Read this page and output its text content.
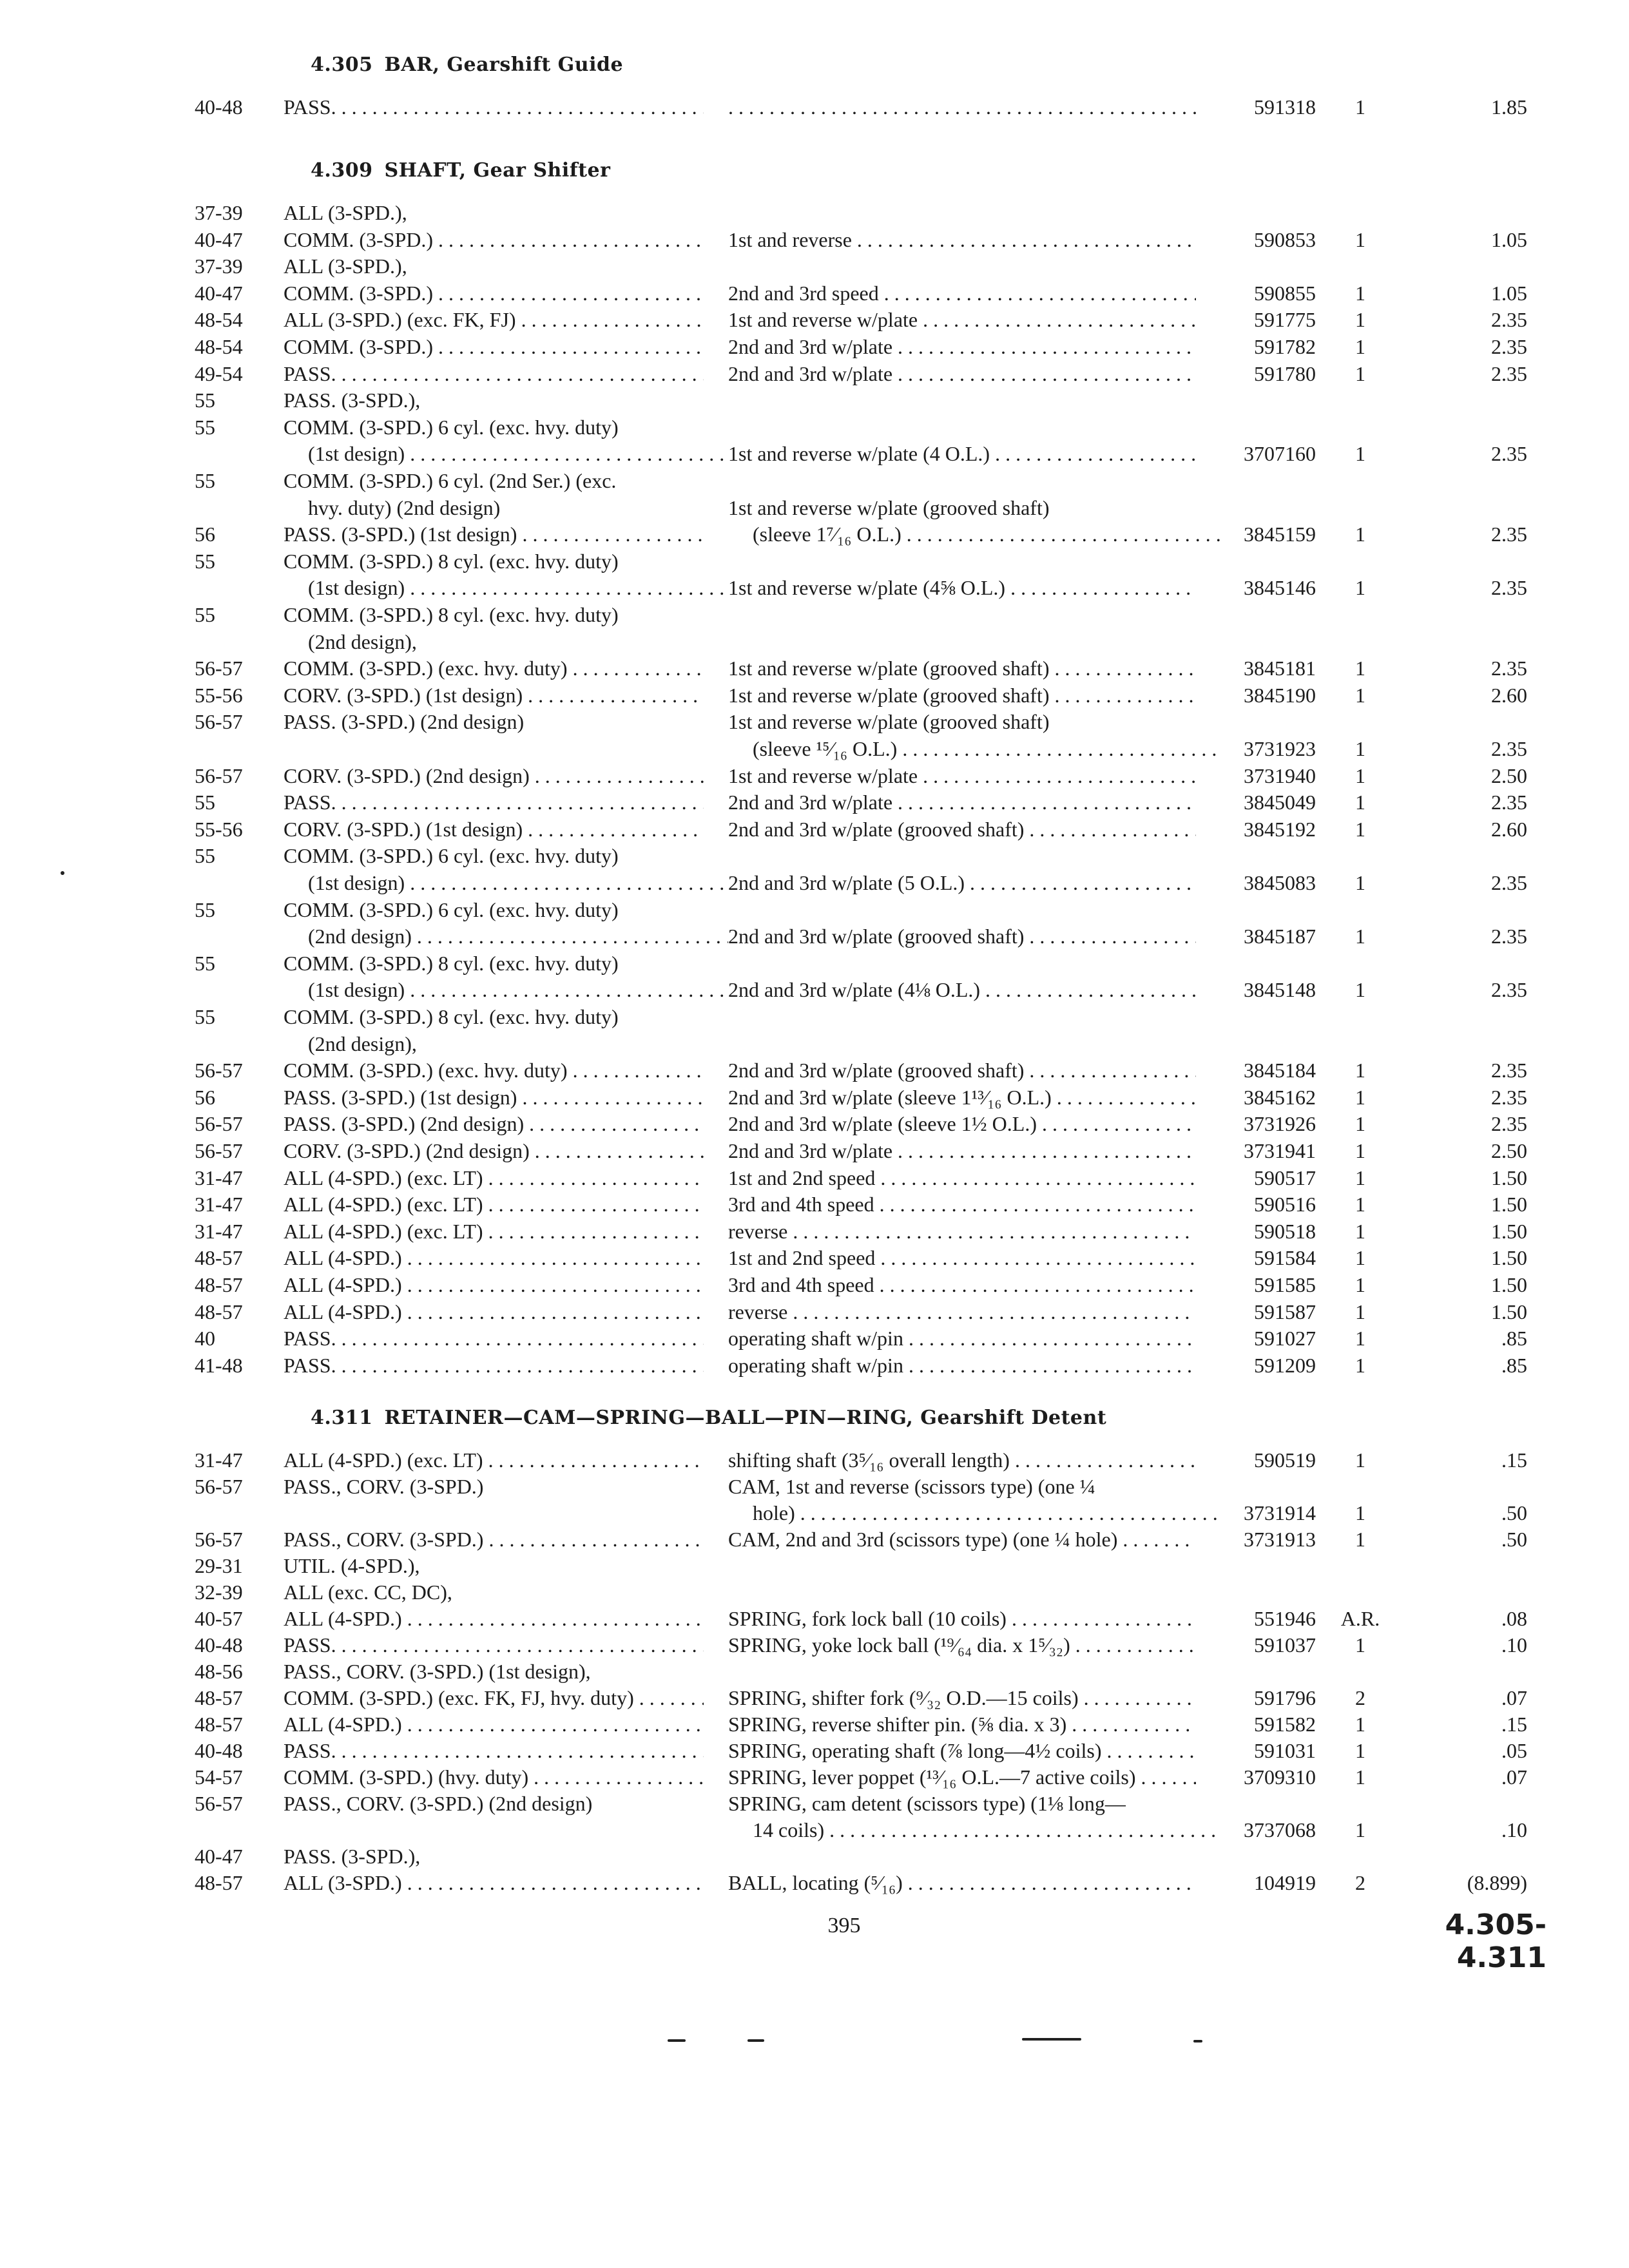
4.305 BAR, Gearshift Guide
40-48	PASS. . . .
. . .	591318	1	1.85
4.309 SHAFT, Gear Shifter
37-39	ALL (3-SPD.),
40-47	COMM. (3-SPD.) . . .	1st and reverse . . .	590853	1	1.05
37-39	ALL (3-SPD.),
40-47	COMM. (3-SPD.) . . .	2nd and 3rd speed . . .	590855	1	1.05
48-54	ALL (3-SPD.) (exc. FK, FJ) . . .	1st and reverse w/plate . . .	591775	1	2.35
48-54	COMM. (3-SPD.) . . .	2nd and 3rd w/plate . . .	591782	1	2.35
49-54	PASS. . . .	2nd and 3rd w/plate . . .	591780	1	2.35
55	PASS. (3-SPD.),
55	COMM. (3-SPD.) 6 cyl. (exc. hvy. duty)
(1st design) . . .	1st and reverse w/plate (4 O.L.) . . .	3707160	1	2.35
55	COMM. (3-SPD.) 6 cyl. (2nd Ser.) (exc.
hvy. duty) (2nd design)	1st and reverse w/plate (grooved shaft)
56	PASS. (3-SPD.) (1st design) . . .	(sleeve 1⁷⁄₁₆ O.L.) . . .	3845159	1	2.35
55	COMM. (3-SPD.) 8 cyl. (exc. hvy. duty)
(1st design) . . .	1st and reverse w/plate (4⅝ O.L.) . . .	3845146	1	2.35
55	COMM. (3-SPD.) 8 cyl. (exc. hvy. duty)
(2nd design),
56-57	COMM. (3-SPD.) (exc. hvy. duty) . . .	1st and reverse w/plate (grooved shaft) . . .	3845181	1	2.35
55-56	CORV. (3-SPD.) (1st design) . . .	1st and reverse w/plate (grooved shaft) . . .	3845190	1	2.60
56-57	PASS. (3-SPD.) (2nd design)	1st and reverse w/plate (grooved shaft)
(sleeve ¹⁵⁄₁₆ O.L.) . . .	3731923	1	2.35
56-57	CORV. (3-SPD.) (2nd design) . . .	1st and reverse w/plate . . .	3731940	1	2.50
55	PASS. . . .	2nd and 3rd w/plate . . .	3845049	1	2.35
55-56	CORV. (3-SPD.) (1st design) . . .	2nd and 3rd w/plate (grooved shaft) . . .	3845192	1	2.60
55	COMM. (3-SPD.) 6 cyl. (exc. hvy. duty)
(1st design) . . .	2nd and 3rd w/plate (5 O.L.) . . .	3845083	1	2.35
55	COMM. (3-SPD.) 6 cyl. (exc. hvy. duty)
(2nd design) . . .	2nd and 3rd w/plate (grooved shaft) . . .	3845187	1	2.35
55	COMM. (3-SPD.) 8 cyl. (exc. hvy. duty)
(1st design) . . .	2nd and 3rd w/plate (4⅛ O.L.) . . .	3845148	1	2.35
55	COMM. (3-SPD.) 8 cyl. (exc. hvy. duty)
(2nd design),
56-57	COMM. (3-SPD.) (exc. hvy. duty) . . .	2nd and 3rd w/plate (grooved shaft) . . .	3845184	1	2.35
56	PASS. (3-SPD.) (1st design) . . .	2nd and 3rd w/plate (sleeve 1¹³⁄₁₆ O.L.) . . .	3845162	1	2.35
56-57	PASS. (3-SPD.) (2nd design) . . .	2nd and 3rd w/plate (sleeve 1½ O.L.) . . .	3731926	1	2.35
56-57	CORV. (3-SPD.) (2nd design) . . .	2nd and 3rd w/plate . . .	3731941	1	2.50
31-47	ALL (4-SPD.) (exc. LT) . . .	1st and 2nd speed . . .	590517	1	1.50
31-47	ALL (4-SPD.) (exc. LT) . . .	3rd and 4th speed . . .	590516	1	1.50
31-47	ALL (4-SPD.) (exc. LT) . . .	reverse . . .	590518	1	1.50
48-57	ALL (4-SPD.) . . .	1st and 2nd speed . . .	591584	1	1.50
48-57	ALL (4-SPD.) . . .	3rd and 4th speed . . .	591585	1	1.50
48-57	ALL (4-SPD.) . . .	reverse . . .	591587	1	1.50
40	PASS. . . .	operating shaft w/pin . . .	591027	1	.85
41-48	PASS. . . .	operating shaft w/pin . . .	591209	1	.85
4.311 RETAINER—CAM—SPRING—BALL—PIN—RING, Gearshift Detent
31-47	ALL (4-SPD.) (exc. LT) . . .	shifting shaft (3⁵⁄₁₆ overall length) . . .	590519	1	.15
56-57	PASS., CORV. (3-SPD.)	CAM, 1st and reverse (scissors type) (one ¼
hole) . . .	3731914	1	.50
56-57	PASS., CORV. (3-SPD.) . . .	CAM, 2nd and 3rd (scissors type) (one ¼ hole) . . .	3731913	1	.50
29-31	UTIL. (4-SPD.),
32-39	ALL (exc. CC, DC),
40-57	ALL (4-SPD.) . . .	SPRING, fork lock ball (10 coils) . . .	551946	A.R.	.08
40-48	PASS. . . .	SPRING, yoke lock ball (¹⁹⁄₆₄ dia. x 1⁵⁄₃₂) . . .	591037	1	.10
48-56	PASS., CORV. (3-SPD.) (1st design),
48-57	COMM. (3-SPD.) (exc. FK, FJ, hvy. duty) . . .	SPRING, shifter fork (⁹⁄₃₂ O.D.—15 coils) . . .	591796	2	.07
48-57	ALL (4-SPD.) . . .	SPRING, reverse shifter pin. (⅝ dia. x 3) . . .	591582	1	.15
40-48	PASS. . . .	SPRING, operating shaft (⅞ long—4½ coils) . . .	591031	1	.05
54-57	COMM. (3-SPD.) (hvy. duty) . . .	SPRING, lever poppet (¹³⁄₁₆ O.L.—7 active coils) . . .	3709310	1	.07
56-57	PASS., CORV. (3-SPD.) (2nd design)	SPRING, cam detent (scissors type) (1⅛ long—
14 coils) . . .	3737068	1	.10
40-47	PASS. (3-SPD.),
48-57	ALL (3-SPD.) . . .	BALL, locating (⁵⁄₁₆) . . .	104919	2	(8.899)
395	4.305-4.311
